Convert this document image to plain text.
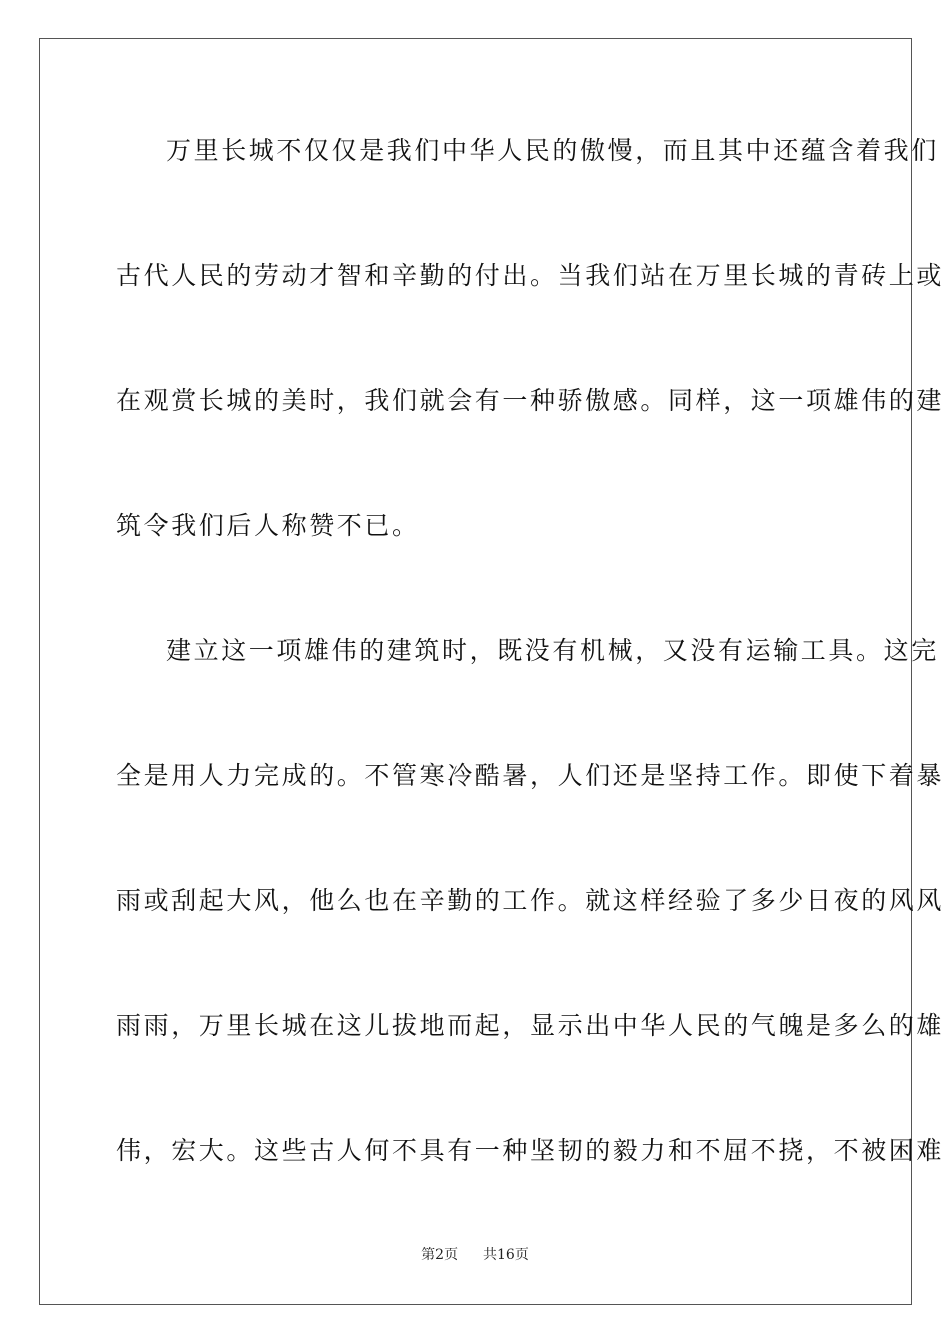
万里长城不仅仅是我们中华人民的傲慢，而且其中还蕴含着我们
古代人民的劳动才智和辛勤的付出。当我们站在万里长城的青砖上或
在观赏长城的美时，我们就会有一种骄傲感。同样，这一项雄伟的建
筑令我们后人称赞不已。
建立这一项雄伟的建筑时，既没有机械，又没有运输工具。这完
全是用人力完成的。不管寒冷酷暑，人们还是坚持工作。即使下着暴
雨或刮起大风，他么也在辛勤的工作。就这样经验了多少日夜的风风
雨雨，万里长城在这儿拔地而起，显示出中华人民的气魄是多么的雄
伟，宏大。这些古人何不具有一种坚韧的毅力和不屈不挠，不被困难
第2页 共16页
